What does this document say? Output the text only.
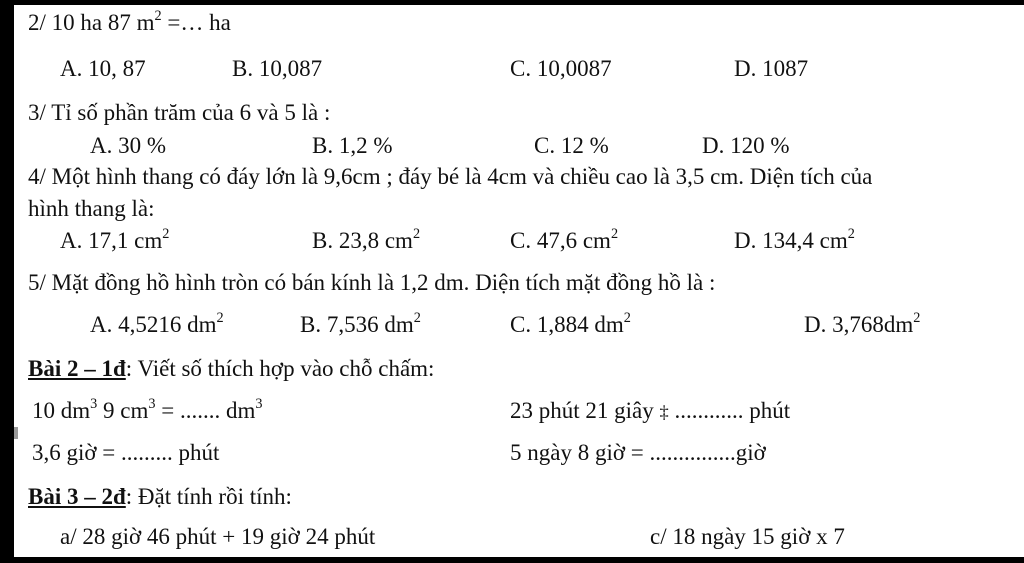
2/ 10 ha 87 $m^2$ =… ha
A. 10, 87	B. 10,087	C. 10,0087	D. 1087
3/ Tỉ số phần trăm của 6 và 5 là :
A. 30 %	B. 1,2 %	C. 12 %	D. 120 %
4/ Một hình thang có đáy lớn là 9,6cm ; đáy bé là 4cm và chiều cao là 3,5 cm. Diện tích của
hình thang là:
A. 17,1 $cm^2$	B. 23,8 $cm^2$	C. 47,6 $cm^2$	D. 134,4 $cm^2$
5/ Mặt đồng hồ hình tròn có bán kính là 1,2 dm. Diện tích mặt đồng hồ là :
A. 4,5216 $dm^2$	B. 7,536 $dm^2$	C. 1,884 $dm^2$	D. $3,768dm^2$
Bài 2 – 1đ: Viết số thích hợp vào chỗ chấm:
10 $dm^3$ 9 $cm^3$ = ....... $dm^3$	23 phút 21 giây ‡ ............ phút
3,6 giờ = ......... phút	5 ngày 8 giờ = ...............giờ
Bài 3 – 2đ: Đặt tính rồi tính:
a/ 28 giờ 46 phút + 19 giờ 24 phút	c/ 18 ngày 15 giờ x 7
